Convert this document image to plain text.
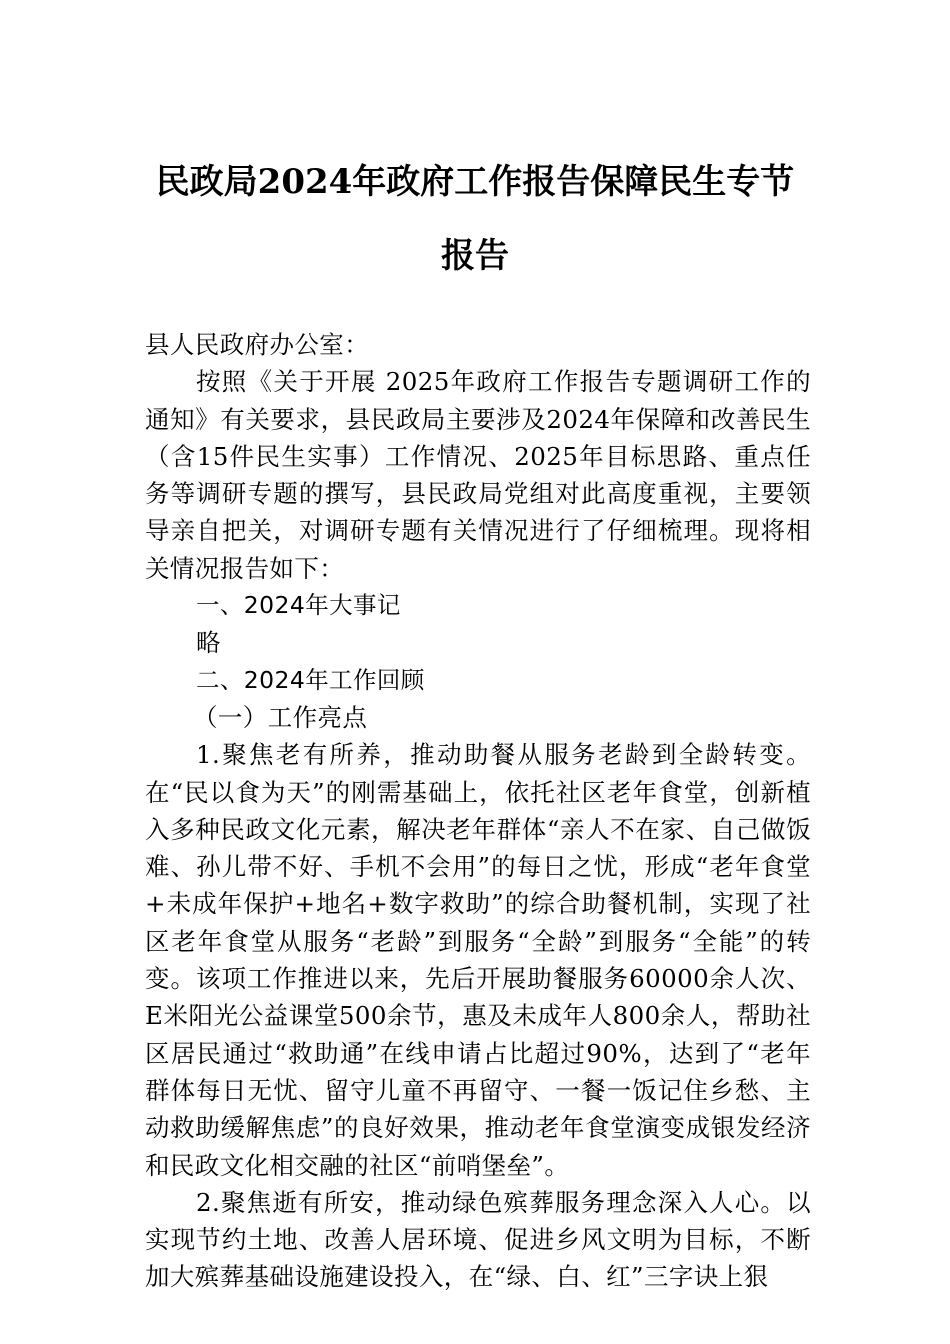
民政局2024年政府工作报告保障民生专节
报告

县人民政府办公室：

按照《关于开展 2025年政府工作报告专题调研工作的通知》有关要求，县民政局主要涉及2024年保障和改善民生（含15件民生实事）工作情况、2025年目标思路、重点任务等调研专题的撰写，县民政局党组对此高度重视，主要领导亲自把关，对调研专题有关情况进行了仔细梳理。现将相关情况报告如下：

一、2024年大事记

略

二、2024年工作回顾

（一）工作亮点

1.聚焦老有所养，推动助餐从服务老龄到全龄转变。在“民以食为天”的刚需基础上，依托社区老年食堂，创新植入多种民政文化元素，解决老年群体“亲人不在家、自己做饭难、孙儿带不好、手机不会用”的每日之忧，形成“老年食堂+未成年保护+地名+数字救助”的综合助餐机制，实现了社区老年食堂从服务“老龄”到服务“全龄”到服务“全能”的转变。该项工作推进以来，先后开展助餐服务60000余人次、E米阳光公益课堂500余节，惠及未成年人800余人，帮助社区居民通过“救助通”在线申请占比超过90%，达到了“老年群体每日无忧、留守儿童不再留守、一餐一饭记住乡愁、主动救助缓解焦虑”的良好效果，推动老年食堂演变成银发经济和民政文化相交融的社区“前哨堡垒”。

2.聚焦逝有所安，推动绿色殡葬服务理念深入人心。以实现节约土地、改善人居环境、促进乡风文明为目标，不断加大殡葬基础设施建设投入，在“绿、白、红”三字诀上狠
